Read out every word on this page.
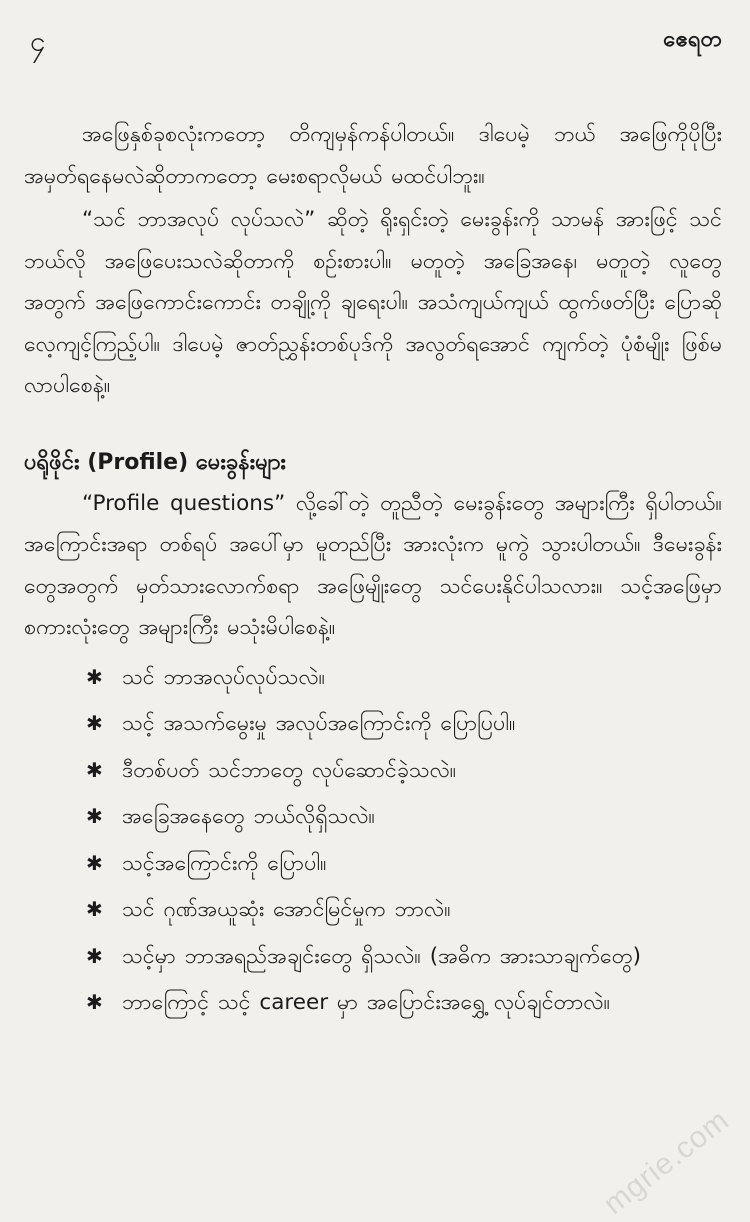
၄	ဧေရတ

အဖြေနှစ်ခုစလုံးကတော့ တိကျမှန်ကန်ပါတယ်။ ဒါပေမဲ့ ဘယ် အဖြေကိုပိုပြီး အမှတ်ရနေမလဲဆိုတာကတော့ မေးစရာလိုမယ် မထင်ပါဘူး။

“သင် ဘာအလုပ် လုပ်သလဲ” ဆိုတဲ့ ရိုးရှင်းတဲ့ မေးခွန်းကို သာမန် အားဖြင့် သင် ဘယ်လို အဖြေပေးသလဲဆိုတာကို စဉ်းစားပါ။ မတူတဲ့ အခြေအနေ၊ မတူတဲ့ လူတွေအတွက် အဖြေကောင်းကောင်း တချို့ကို ချရေးပါ။ အသံကျယ်ကျယ် ထွက်ဖတ်ပြီး ပြောဆိုလေ့ကျင့်ကြည့်ပါ။ ဒါပေမဲ့ ဇာတ်ညွှန်းတစ်ပုဒ်ကို အလွတ်ရအောင် ကျက်တဲ့ ပုံစံမျိုး ဖြစ်မလာပါစေနဲ့။

ပရိုဖိုင်း (Profile) မေးခွန်းများ

“Profile questions” လို့ခေါ်တဲ့ တူညီတဲ့ မေးခွန်းတွေ အများကြီး ရှိပါတယ်။ အကြောင်းအရာ တစ်ရပ် အပေါ်မှာ မူတည်ပြီး အားလုံးက မူကွဲ သွားပါတယ်။ ဒီမေးခွန်းတွေအတွက် မှတ်သားလောက်စရာ အဖြေမျိုးတွေ သင်ပေးနိုင်ပါသလား။ သင့်အဖြေမှာ စကားလုံးတွေ အများကြီး မသုံးမိပါစေနဲ့။

✱ သင် ဘာအလုပ်လုပ်သလဲ။
✱ သင့် အသက်မွေးမှု အလုပ်အကြောင်းကို ပြောပြပါ။
✱ ဒီတစ်ပတ် သင်ဘာတွေ လုပ်ဆောင်ခဲ့သလဲ။
✱ အခြေအနေတွေ ဘယ်လိုရှိသလဲ။
✱ သင့်အကြောင်းကို ပြောပါ။
✱ သင် ဂုဏ်အယူဆုံး အောင်မြင်မှုက ဘာလဲ။
✱ သင့်မှာ ဘာအရည်အချင်းတွေ ရှိသလဲ။ (အဓိက အားသာချက်တွေ)
✱ ဘာကြောင့် သင့် career မှာ အပြောင်းအရွှေ့ လုပ်ချင်တာလဲ။
mgrie.com
